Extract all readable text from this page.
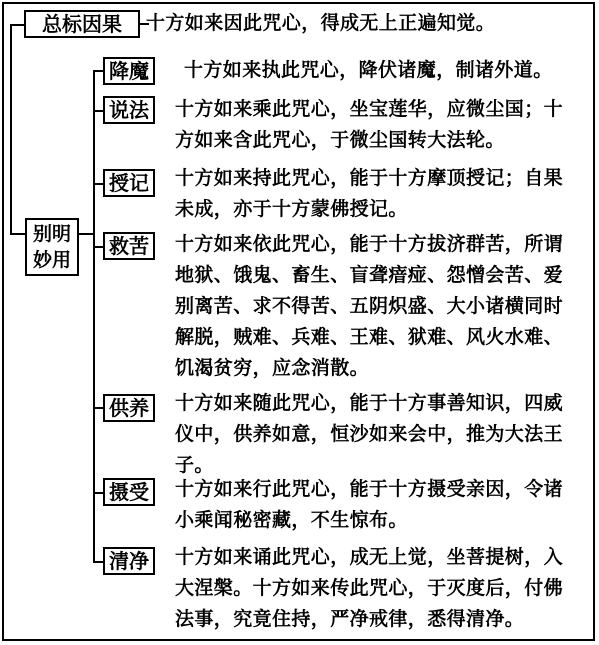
总标因果	十方如来因此咒心，得成无上正遍知觉。
别明
妙用
降魔	十方如来执此咒心，降伏诸魔，制诸外道。
说法	十方如来乘此咒心，坐宝莲华，应微尘国；十
方如来含此咒心，于微尘国转大法轮。
授记	十方如来持此咒心，能于十方摩顶授记；自果
未成，亦于十方蒙佛授记。
救苦	十方如来依此咒心，能于十方拔济群苦，所谓
地狱、饿鬼、畜生、盲聋瘖痖、怨憎会苦、爱
别离苦、求不得苦、五阴炽盛、大小诸横同时
解脱，贼难、兵难、王难、狱难、风火水难、
饥渴贫穷，应念消散。
供养	十方如来随此咒心，能于十方事善知识，四威
仪中，供养如意，恒沙如来会中，推为大法王
子。
摄受	十方如来行此咒心，能于十方摄受亲因，令诸
小乘闻秘密藏，不生惊布。
清净	十方如来诵此咒心，成无上觉，坐菩提树，入
大涅槃。十方如来传此咒心，于灭度后，付佛
法事，究竟住持，严净戒律，悉得清净。
